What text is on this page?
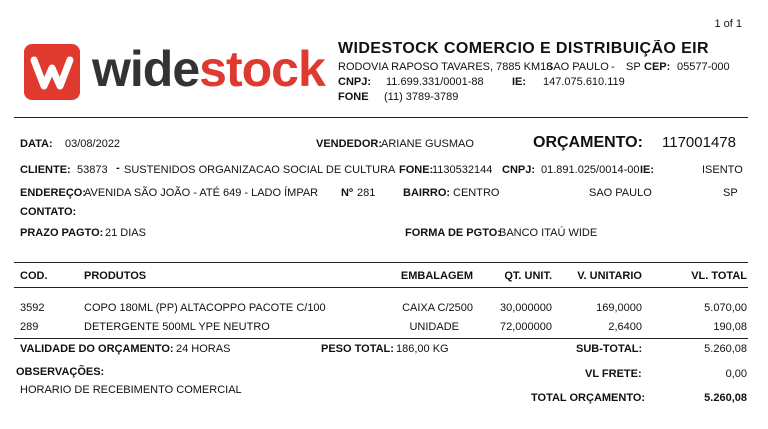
1 of 1
widestock WIDESTOCK COMERCIO E DISTRIBUIÇÃO EIR
RODOVIA RAPOSO TAVARES, 7885 KM18
SAO PAULO - SP CEP: 05577-000
CNPJ: 11.699.331/0001-88	IE: 147.075.610.119
FONE (11) 3789-3789
DATA: 03/08/2022	VENDEDOR:
ARIANE GUSMAO	ORÇAMENTO: 117001478
CLIENTE: 53873 - SUSTENIDOS ORGANIZACAO SOCIAL DE CULTURA FONE:
1130532144 CNPJ: 01.891.025/0014-00 IE:	ISENTO
ENDEREÇO:
AVENIDA SÃO JOÃO - ATÉ 649 - LADO ÍMPAR Nº 281	BAIRRO: CENTRO	SAO PAULO	SP
CONTATO:
PRAZO PAGTO: 21 DIAS	FORMA DE PGTO:
BANCO ITAÚ WIDE
COD.	PRODUTOS	EMBALAGEM	QT. UNIT.	V. UNITARIO	VL. TOTAL
3592	COPO 180ML (PP) ALTACOPPO PACOTE C/100	CAIXA C/2500	30,000000	169,0000	5.070,00
289	DETERGENTE 500ML YPE NEUTRO	UNIDADE	72,000000	2,6400	190,08
VALIDADE DO ORÇAMENTO: 24 HORAS	PESO TOTAL: 186,00 KG	SUB-TOTAL:	5.260,08
OBSERVAÇÕES:	VL FRETE:	0,00
HORARIO DE RECEBIMENTO COMERCIAL
TOTAL ORÇAMENTO:	5.260,08
